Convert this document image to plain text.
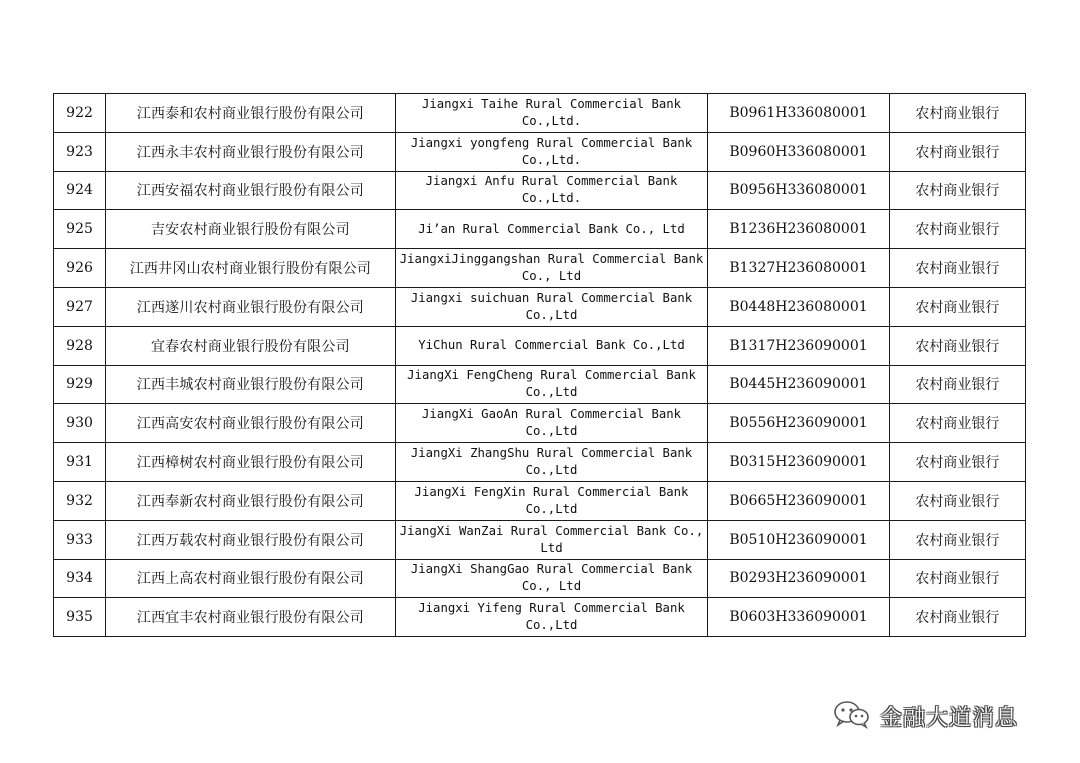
922	江西泰和农村商业银行股份有限公司	Jiangxi Taihe Rural Commercial Bank Co.,Ltd.	B0961H336080001	农村商业银行
923	江西永丰农村商业银行股份有限公司	Jiangxi yongfeng Rural Commercial Bank Co.,Ltd.	B0960H336080001	农村商业银行
924	江西安福农村商业银行股份有限公司	Jiangxi Anfu Rural Commercial Bank Co.,Ltd.	B0956H336080001	农村商业银行
925	吉安农村商业银行股份有限公司	Ji’an Rural Commercial Bank Co., Ltd	B1236H236080001	农村商业银行
926	江西井冈山农村商业银行股份有限公司	JiangxiJinggangshan Rural Commercial Bank Co., Ltd	B1327H236080001	农村商业银行
927	江西遂川农村商业银行股份有限公司	Jiangxi suichuan Rural Commercial Bank Co.,Ltd	B0448H236080001	农村商业银行
928	宜春农村商业银行股份有限公司	YiChun Rural Commercial Bank Co.,Ltd	B1317H236090001	农村商业银行
929	江西丰城农村商业银行股份有限公司	JiangXi FengCheng Rural Commercial Bank Co.,Ltd	B0445H236090001	农村商业银行
930	江西高安农村商业银行股份有限公司	JiangXi GaoAn Rural Commercial Bank Co.,Ltd	B0556H236090001	农村商业银行
931	江西樟树农村商业银行股份有限公司	JiangXi ZhangShu Rural Commercial Bank Co.,Ltd	B0315H236090001	农村商业银行
932	江西奉新农村商业银行股份有限公司	JiangXi FengXin Rural Commercial Bank Co.,Ltd	B0665H236090001	农村商业银行
933	江西万载农村商业银行股份有限公司	JiangXi WanZai Rural Commercial Bank Co., Ltd	B0510H236090001	农村商业银行
934	江西上高农村商业银行股份有限公司	JiangXi ShangGao Rural Commercial Bank Co., Ltd	B0293H236090001	农村商业银行
935	江西宜丰农村商业银行股份有限公司	Jiangxi Yifeng Rural Commercial Bank Co.,Ltd	B0603H336090001	农村商业银行
金融大道消息
